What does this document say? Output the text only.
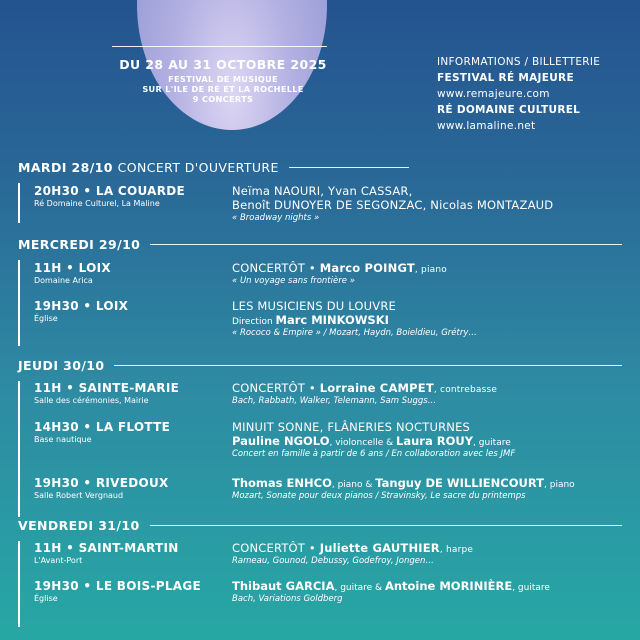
DU 28 AU 31 OCTOBRE 2025
FESTIVAL DE MUSIQUE
SUR L'ILE DE RÉ ET LA ROCHELLE
9 CONCERTS
INFORMATIONS / BILLETTERIE
FESTIVAL RÉ MAJEURE
www.remajeure.com
RÉ DOMAINE CULTUREL
www.lamaline.net
MARDI 28/10 CONCERT D'OUVERTURE
20H30 • LA COUARDE
Ré Domaine Culturel, La Maline
Neïma NAOURI, Yvan CASSAR,
Benoît DUNOYER DE SEGONZAC, Nicolas MONTAZAUD
« Broadway nights »
MERCREDI 29/10
11H • LOIX
Domaine Arica
CONCERTÔT • Marco POINGT, piano
« Un voyage sans frontière »
19H30 • LOIX
Église
LES MUSICIENS DU LOUVRE
Direction Marc MINKOWSKI
« Rococo & Empire » / Mozart, Haydn, Boieldieu, Grétry…
JEUDI 30/10
11H • SAINTE-MARIE
Salle des cérémonies, Mairie
CONCERTÔT • Lorraine CAMPET, contrebasse
Bach, Rabbath, Walker, Telemann, Sam Suggs…
14H30 • LA FLOTTE
Base nautique
MINUIT SONNE, FLÂNERIES NOCTURNES
Pauline NGOLO, violoncelle & Laura ROUY, guitare
Concert en famille à partir de 6 ans / En collaboration avec les JMF
19H30 • RIVEDOUX
Salle Robert Vergnaud
Thomas ENHCO, piano & Tanguy DE WILLIENCOURT, piano
Mozart, Sonate pour deux pianos / Stravinsky, Le sacre du printemps
VENDREDI 31/10
11H • SAINT-MARTIN
L'Avant-Port
CONCERTÔT • Juliette GAUTHIER, harpe
Rameau, Gounod, Debussy, Godefroy, Jongen…
19H30 • LE BOIS-PLAGE
Église
Thibaut GARCIA, guitare & Antoine MORINIÈRE, guitare
Bach, Variations Goldberg
